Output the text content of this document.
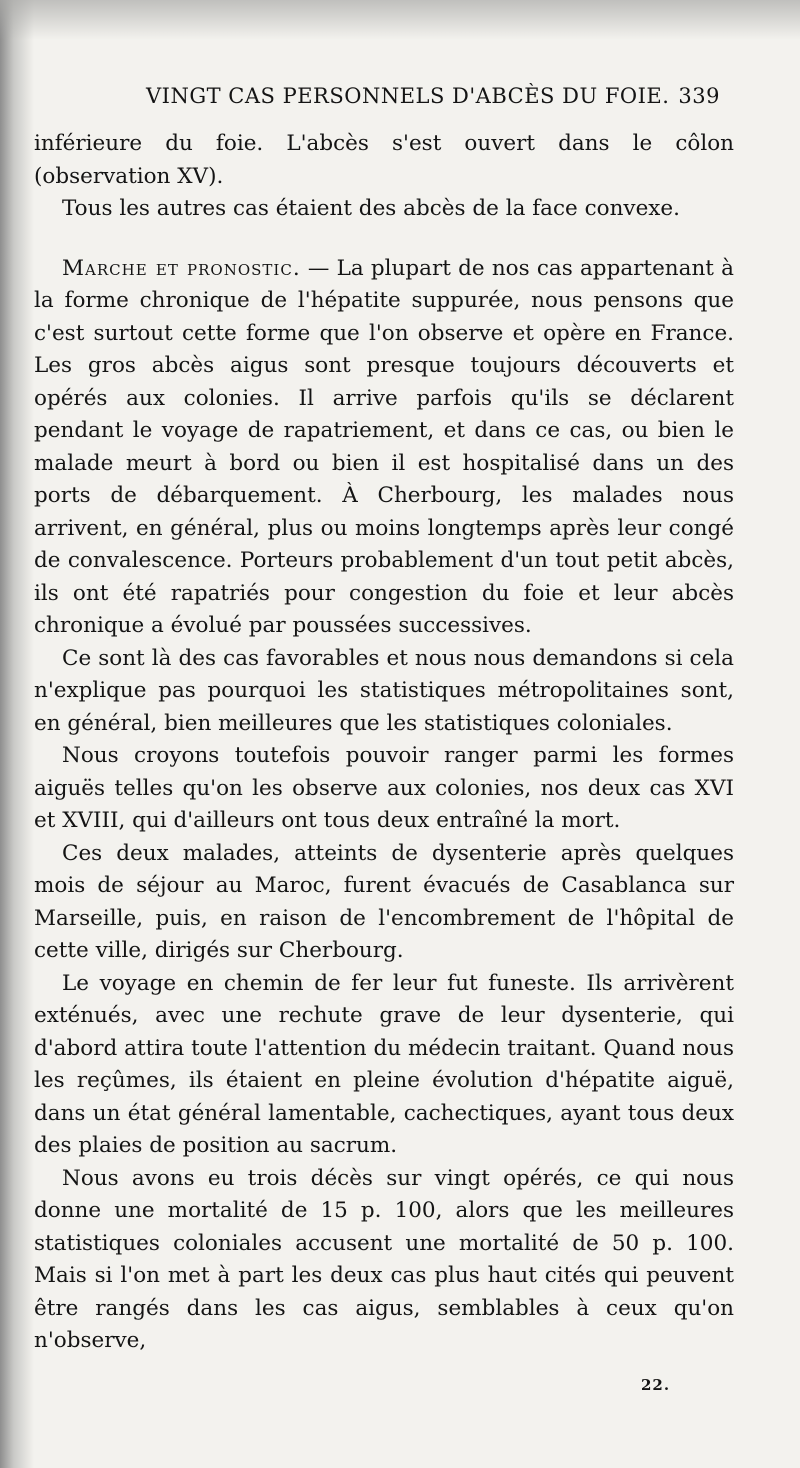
VINGT CAS PERSONNELS D'ABCÈS DU FOIE. 339

inférieure du foie. L'abcès s'est ouvert dans le côlon (observation XV).

Tous les autres cas étaient des abcès de la face convexe.

Marche et pronostic. — La plupart de nos cas appartenant à la forme chronique de l'hépatite suppurée, nous pensons que c'est surtout cette forme que l'on observe et opère en France. Les gros abcès aigus sont presque toujours découverts et opérés aux colonies. Il arrive parfois qu'ils se déclarent pendant le voyage de rapatriement, et dans ce cas, ou bien le malade meurt à bord ou bien il est hospitalisé dans un des ports de débarquement. À Cherbourg, les malades nous arrivent, en général, plus ou moins longtemps après leur congé de convalescence. Porteurs probablement d'un tout petit abcès, ils ont été rapatriés pour congestion du foie et leur abcès chronique a évolué par poussées successives.

Ce sont là des cas favorables et nous nous demandons si cela n'explique pas pourquoi les statistiques métropolitaines sont, en général, bien meilleures que les statistiques coloniales.

Nous croyons toutefois pouvoir ranger parmi les formes aiguës telles qu'on les observe aux colonies, nos deux cas XVI et XVIII, qui d'ailleurs ont tous deux entraîné la mort.

Ces deux malades, atteints de dysenterie après quelques mois de séjour au Maroc, furent évacués de Casablanca sur Marseille, puis, en raison de l'encombrement de l'hôpital de cette ville, dirigés sur Cherbourg.

Le voyage en chemin de fer leur fut funeste. Ils arrivèrent exténués, avec une rechute grave de leur dysenterie, qui d'abord attira toute l'attention du médecin traitant. Quand nous les reçûmes, ils étaient en pleine évolution d'hépatite aiguë, dans un état général lamentable, cachectiques, ayant tous deux des plaies de position au sacrum.

Nous avons eu trois décès sur vingt opérés, ce qui nous donne une mortalité de 15 p. 100, alors que les meilleures statistiques coloniales accusent une mortalité de 50 p. 100. Mais si l'on met à part les deux cas plus haut cités qui peuvent être rangés dans les cas aigus, semblables à ceux qu'on n'observe,

22.
